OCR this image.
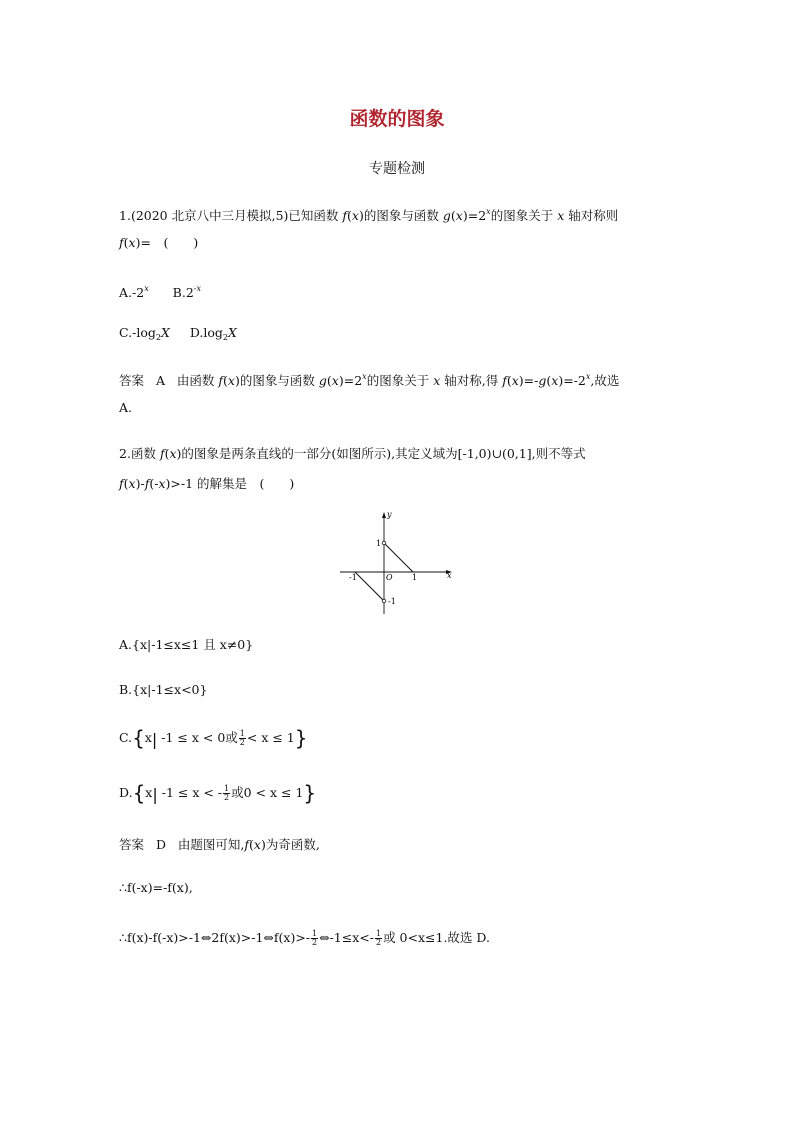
函数的图象
专题检测
1.(2020 北京八中三月模拟,5)已知函数 f(x)的图象与函数 $g(x)=2^x$的图象关于 x 轴对称则
f(x)=　(　　)
A.-2$^x$ $B.2^{-x}$
$C.-\log_2X$ $D.\log_2X$
答案 A 由函数 f(x)的图象与函数 $g(x)=2^x$的图象关于 x 轴对称,得 $f(x)=-g(x)=-2^x$,故选
A.
2.函数 f(x)的图象是两条直线的一部分(如图所示),其定义域为[-1,0)∪(0,1],则不等式
f(x)-f(-x)>-1 的解集是　(　　)
x
y
O
-1	1
1
-1
A.{x|-1≤x≤1 且 x≠0}
B.{x|-1≤x<0}
C.{x| -1 ≤ x < 0或 $\frac{1}{2} < x \le 1$}
D.{x| -1 ≤ x < - $\frac{1}{2}$ 或0 < x ≤ 1}
答案 D 由题图可知,f(x)为奇函数,
∴f(-x)=-f(x),
∴f(x)-f(-x)>-1⇔2f(x)>-1⇔f(x)>- $\frac{1}{2}$ ⇔-1≤x<- $\frac{1}{2}$ 或 0<x≤1.故选 D.
